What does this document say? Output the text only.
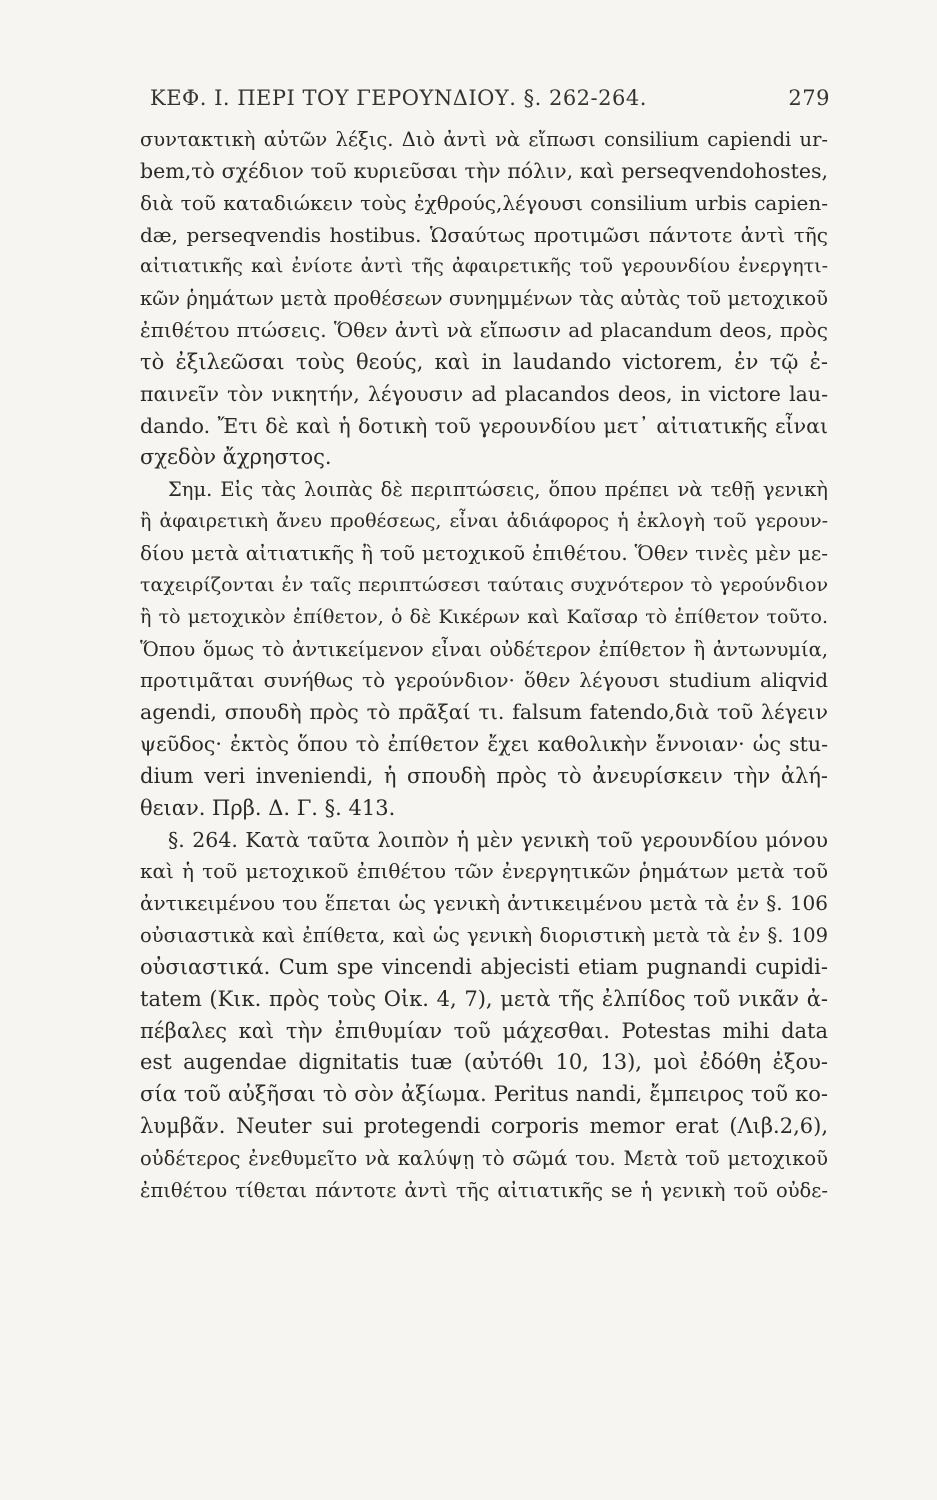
ΚΕΦ. Ι. ΠΕΡΙ ΤΟΥ ΓΕΡΟΥΝΔΙΟΥ. §. 262-264.	279
συντακτικὴ αὐτῶν λέξις. Διὸ ἀντὶ νὰ εἴπωσι consilium capiendi ur-
bem,τὸ σχέδιον τοῦ κυριεῦσαι τὴν πόλιν, καὶ perseqvendohostes,
διὰ τοῦ καταδιώκειν τοὺς ἐχθρούς,λέγουσι consilium urbis capien-
dæ, perseqvendis hostibus. Ὡσαύτως προτιμῶσι πάντοτε ἀντὶ τῆς
αἰτιατικῆς καὶ ἐνίοτε ἀντὶ τῆς ἀφαιρετικῆς τοῦ γερουνδίου ἐνεργητι-
κῶν ῥημάτων μετὰ προθέσεων συνημμένων τὰς αὐτὰς τοῦ μετοχικοῦ
ἐπιθέτου πτώσεις. Ὅθεν ἀντὶ νὰ εἴπωσιν ad placandum deos, πρὸς
τὸ ἐξιλεῶσαι τοὺς θεούς, καὶ in laudando victorem, ἐν τῷ ἐ-
παινεῖν τὸν νικητήν, λέγουσιν ad placandos deos, in victore lau-
dando. Ἔτι δὲ καὶ ἡ δοτικὴ τοῦ γερουνδίου μετ᾽ αἰτιατικῆς εἶναι
σχεδὸν ἄχρηστος.
Σημ. Εἰς τὰς λοιπὰς δὲ περιπτώσεις, ὅπου πρέπει νὰ τεθῇ γενικὴ
ἢ ἀφαιρετικὴ ἄνευ προθέσεως, εἶναι ἀδιάφορος ἡ ἐκλογὴ τοῦ γερουν-
δίου μετὰ αἰτιατικῆς ἢ τοῦ μετοχικοῦ ἐπιθέτου. Ὅθεν τινὲς μὲν με-
ταχειρίζονται ἐν ταῖς περιπτώσεσι ταύταις συχνότερον τὸ γερούνδιον
ἢ τὸ μετοχικὸν ἐπίθετον, ὁ δὲ Κικέρων καὶ Καῖσαρ τὸ ἐπίθετον τοῦτο.
Ὅπου ὅμως τὸ ἀντικείμενον εἶναι οὐδέτερον ἐπίθετον ἢ ἀντωνυμία,
προτιμᾶται συνήθως τὸ γερούνδιον· ὅθεν λέγουσι studium aliqvid
agendi, σπουδὴ πρὸς τὸ πρᾶξαί τι. falsum fatendo,διὰ τοῦ λέγειν
ψεῦδος· ἐκτὸς ὅπου τὸ ἐπίθετον ἔχει καθολικὴν ἔννοιαν· ὡς stu-
dium veri inveniendi, ἡ σπουδὴ πρὸς τὸ ἀνευρίσκειν τὴν ἀλή-
θειαν. Πρβ. Δ. Γ. §. 413.
§. 264. Κατὰ ταῦτα λοιπὸν ἡ μὲν γενικὴ τοῦ γερουνδίου μόνου
καὶ ἡ τοῦ μετοχικοῦ ἐπιθέτου τῶν ἐνεργητικῶν ῥημάτων μετὰ τοῦ
ἀντικειμένου του ἕπεται ὡς γενικὴ ἀντικειμένου μετὰ τὰ ἐν §. 106
οὐσιαστικὰ καὶ ἐπίθετα, καὶ ὡς γενικὴ διοριστικὴ μετὰ τὰ ἐν §. 109
οὐσιαστικά. Cum spe vincendi abjecisti etiam pugnandi cupidi-
tatem (Κικ. πρὸς τοὺς Οἰκ. 4, 7), μετὰ τῆς ἐλπίδος τοῦ νικᾶν ἀ-
πέβαλες καὶ τὴν ἐπιθυμίαν τοῦ μάχεσθαι. Potestas mihi data
est augendae dignitatis tuæ (αὐτόθι 10, 13), μοὶ ἐδόθη ἐξου-
σία τοῦ αὐξῆσαι τὸ σὸν ἀξίωμα. Peritus nandi, ἔμπειρος τοῦ κο-
λυμβᾶν. Neuter sui protegendi corporis memor erat (Λιβ.2,6),
οὐδέτερος ἐνεθυμεῖτο νὰ καλύψῃ τὸ σῶμά του. Μετὰ τοῦ μετοχικοῦ
ἐπιθέτου τίθεται πάντοτε ἀντὶ τῆς αἰτιατικῆς se ἡ γενικὴ τοῦ οὐδε-
